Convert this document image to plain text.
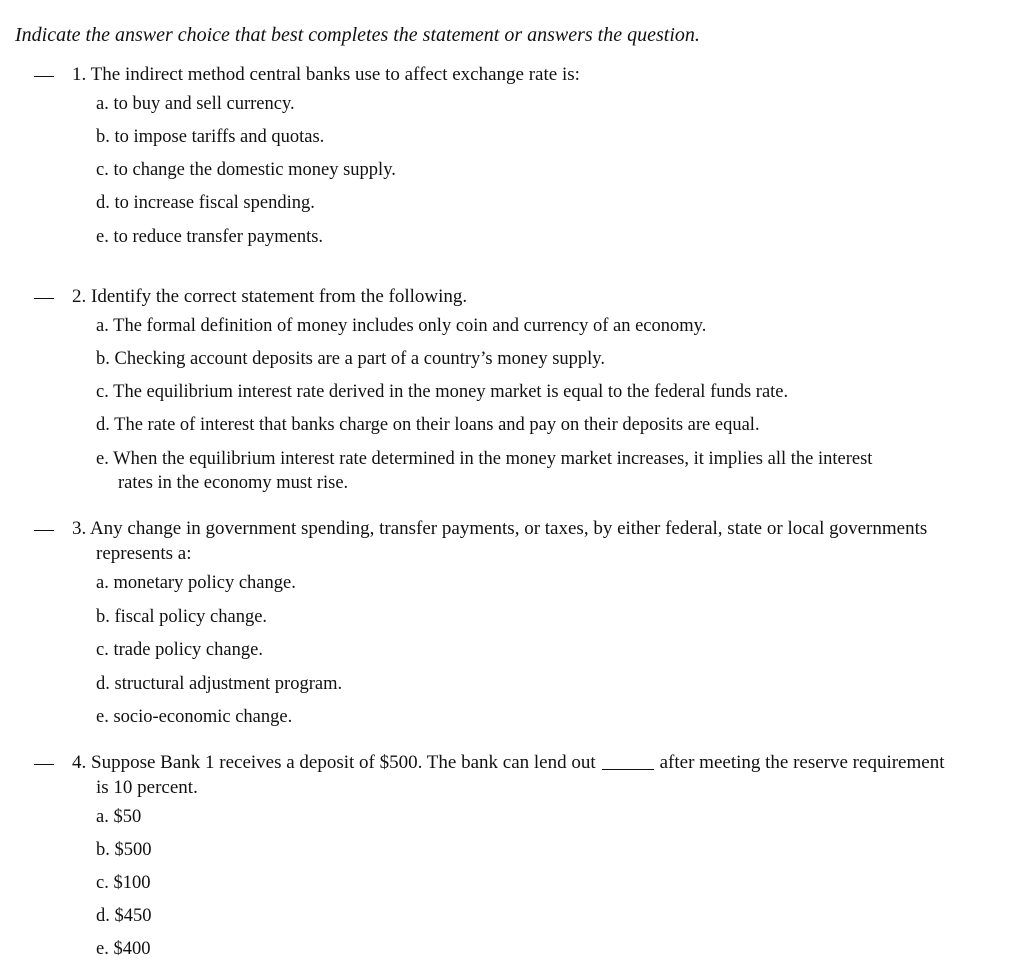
Indicate the answer choice that best completes the statement or answers the question.
1. The indirect method central banks use to affect exchange rate is:
a. to buy and sell currency.
b. to impose tariffs and quotas.
c. to change the domestic money supply.
d. to increase fiscal spending.
e. to reduce transfer payments.
2. Identify the correct statement from the following.
a. The formal definition of money includes only coin and currency of an economy.
b. Checking account deposits are a part of a country’s money supply.
c. The equilibrium interest rate derived in the money market is equal to the federal funds rate.
d. The rate of interest that banks charge on their loans and pay on their deposits are equal.
e. When the equilibrium interest rate determined in the money market increases, it implies all the interest
rates in the economy must rise.
3. Any change in government spending, transfer payments, or taxes, by either federal, state or local governments
represents a:
a. monetary policy change.
b. fiscal policy change.
c. trade policy change.
d. structural adjustment program.
e. socio-economic change.
4. Suppose Bank 1 receives a deposit of $500. The bank can lend out	after meeting the reserve requirement
is 10 percent.
a. $50
b. $500
c. $100
d. $450
e. $400
